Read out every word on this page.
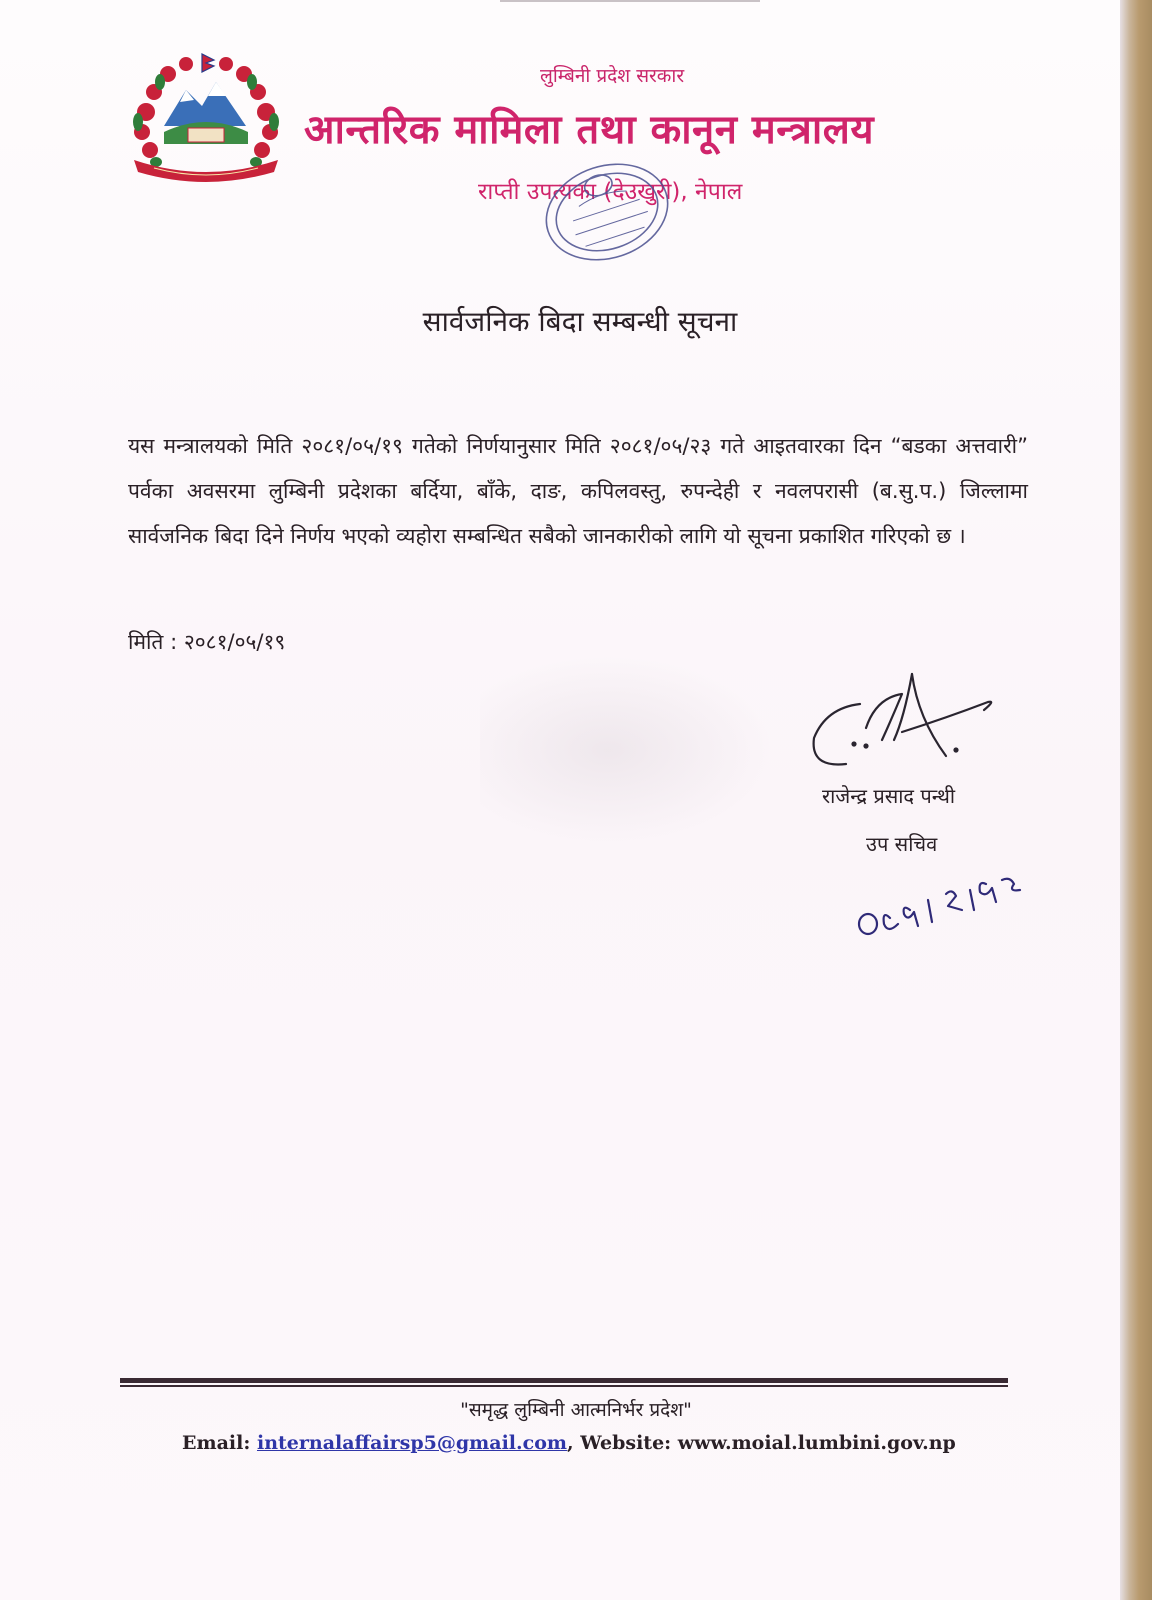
लुम्बिनी प्रदेश सरकार
आन्तरिक मामिला तथा कानून मन्त्रालय
राप्ती उपत्यका (देउखुरी), नेपाल
सार्वजनिक बिदा सम्बन्धी सूचना
यस मन्त्रालयको मिति २०८१/०५/१९ गतेको निर्णयानुसार मिति २०८१/०५/२३ गते आइतवारका दिन “बडका अत्तवारी” पर्वका अवसरमा लुम्बिनी प्रदेशका बर्दिया, बाँके, दाङ, कपिलवस्तु, रुपन्देही र नवलपरासी (ब.सु.प.) जिल्लामा सार्वजनिक बिदा दिने निर्णय भएको व्यहोरा सम्बन्धित सबैको जानकारीको लागि यो सूचना प्रकाशित गरिएको छ ।
मिति : २०८१/०५/१९
राजेन्द्र प्रसाद पन्थी
उप सचिव
"समृद्ध लुम्बिनी आत्मनिर्भर प्रदेश"
Email: internalaffairsp5@gmail.com, Website: www.moial.lumbini.gov.np
